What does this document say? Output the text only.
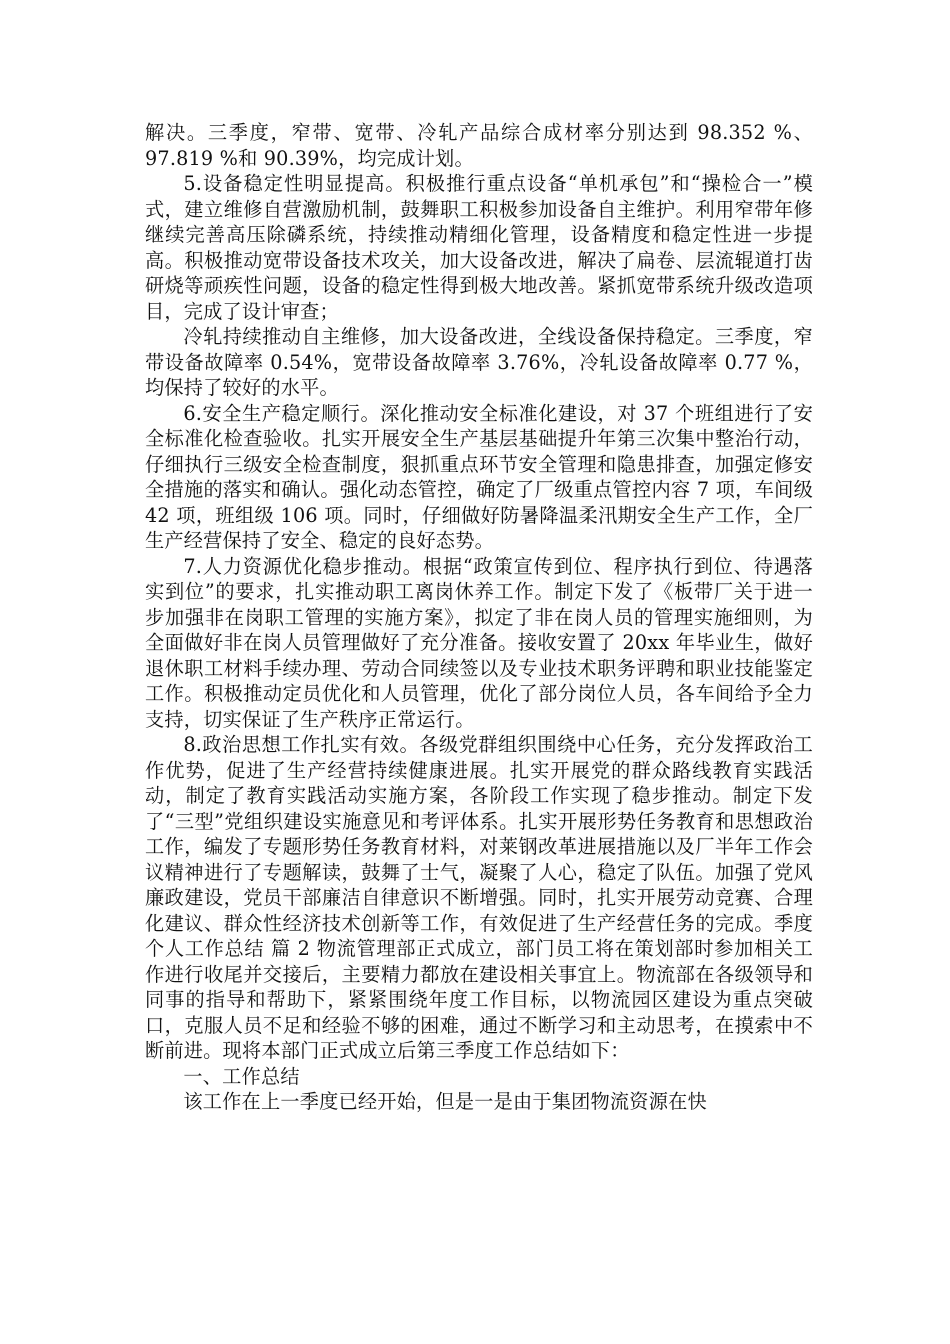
解决。三季度，窄带、宽带、冷轧产品综合成材率分别达到 98.352 %、97.819 %和 90.39%，均完成计划。

5.设备稳定性明显提高。积极推行重点设备“单机承包”和“操检合一”模式，建立维修自营激励机制，鼓舞职工积极参加设备自主维护。利用窄带年修继续完善高压除磷系统，持续推动精细化管理，设备精度和稳定性进一步提高。积极推动宽带设备技术攻关，加大设备改进，解决了扁卷、层流辊道打齿研烧等顽疾性问题，设备的稳定性得到极大地改善。紧抓宽带系统升级改造项目，完成了设计审查；

冷轧持续推动自主维修，加大设备改进，全线设备保持稳定。三季度，窄带设备故障率 0.54%，宽带设备故障率 3.76%，冷轧设备故障率 0.77 %，均保持了较好的水平。

6.安全生产稳定顺行。深化推动安全标准化建设，对 37 个班组进行了安全标准化检查验收。扎实开展安全生产基层基础提升年第三次集中整治行动，仔细执行三级安全检查制度，狠抓重点环节安全管理和隐患排查，加强定修安全措施的落实和确认。强化动态管控，确定了厂级重点管控内容 7 项，车间级 42 项，班组级 106 项。同时，仔细做好防暑降温柔汛期安全生产工作，全厂生产经营保持了安全、稳定的良好态势。

7.人力资源优化稳步推动。根据“政策宣传到位、程序执行到位、待遇落实到位”的要求，扎实推动职工离岗休养工作。制定下发了《板带厂关于进一步加强非在岗职工管理的实施方案》，拟定了非在岗人员的管理实施细则，为全面做好非在岗人员管理做好了充分准备。接收安置了 20xx 年毕业生，做好退休职工材料手续办理、劳动合同续签以及专业技术职务评聘和职业技能鉴定工作。积极推动定员优化和人员管理，优化了部分岗位人员，各车间给予全力支持，切实保证了生产秩序正常运行。

8.政治思想工作扎实有效。各级党群组织围绕中心任务，充分发挥政治工作优势，促进了生产经营持续健康进展。扎实开展党的群众路线教育实践活动，制定了教育实践活动实施方案，各阶段工作实现了稳步推动。制定下发了“三型”党组织建设实施意见和考评体系。扎实开展形势任务教育和思想政治工作，编发了专题形势任务教育材料，对莱钢改革进展措施以及厂半年工作会议精神进行了专题解读，鼓舞了士气，凝聚了人心，稳定了队伍。加强了党风廉政建设，党员干部廉洁自律意识不断增强。同时，扎实开展劳动竞赛、合理化建议、群众性经济技术创新等工作，有效促进了生产经营任务的完成。季度个人工作总结 篇 2 物流管理部正式成立，部门员工将在策划部时参加相关工作进行收尾并交接后，主要精力都放在建设相关事宜上。物流部在各级领导和同事的指导和帮助下，紧紧围绕年度工作目标，以物流园区建设为重点突破口，克服人员不足和经验不够的困难，通过不断学习和主动思考，在摸索中不断前进。现将本部门正式成立后第三季度工作总结如下：

一、工作总结

该工作在上一季度已经开始，但是一是由于集团物流资源在快
